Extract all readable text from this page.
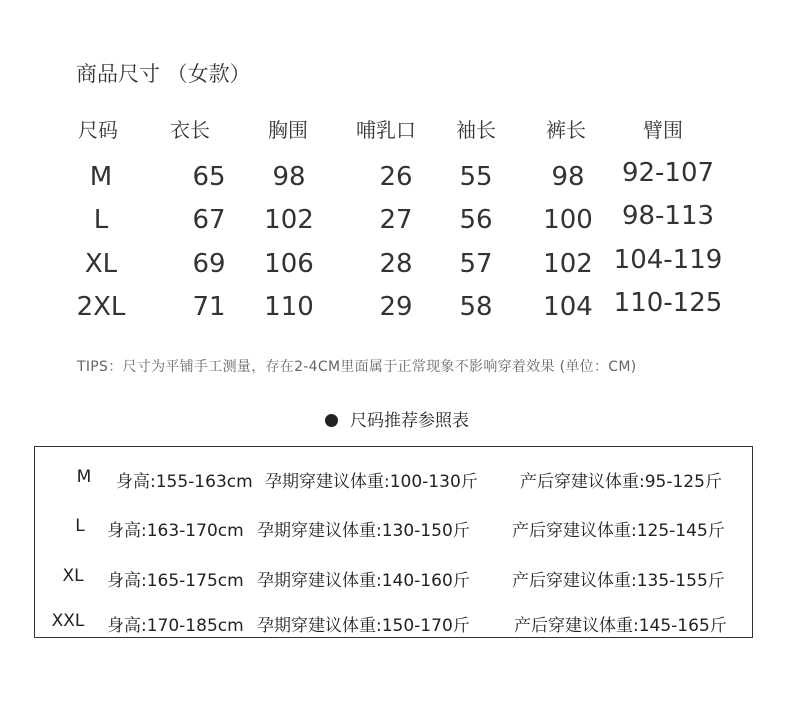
商品尺寸 （女款）
尺码	衣长	胸围 哺乳口 袖长	裤长	臂围
M	65	98	26	55	98	92-107
L	67	102	27	56	100	98-113
XL	69	106	28	57	102 104-119
2XL	71	110	29	58	104 110-125
TIPS：尺寸为平铺手工测量，存在2-4CM里面属于正常现象不影响穿着效果 (单位：CM)
尺码推荐参照表
M	身高:155-163cm 孕期穿建议体重:100-130斤 产后穿建议体重:95-125斤
L	身高:163-170cm 孕期穿建议体重:130-150斤 产后穿建议体重:125-145斤
XL	身高:165-175cm 孕期穿建议体重:140-160斤 产后穿建议体重:135-155斤
XXL	身高:170-185cm 孕期穿建议体重:150-170斤	产后穿建议体重:145-165斤
